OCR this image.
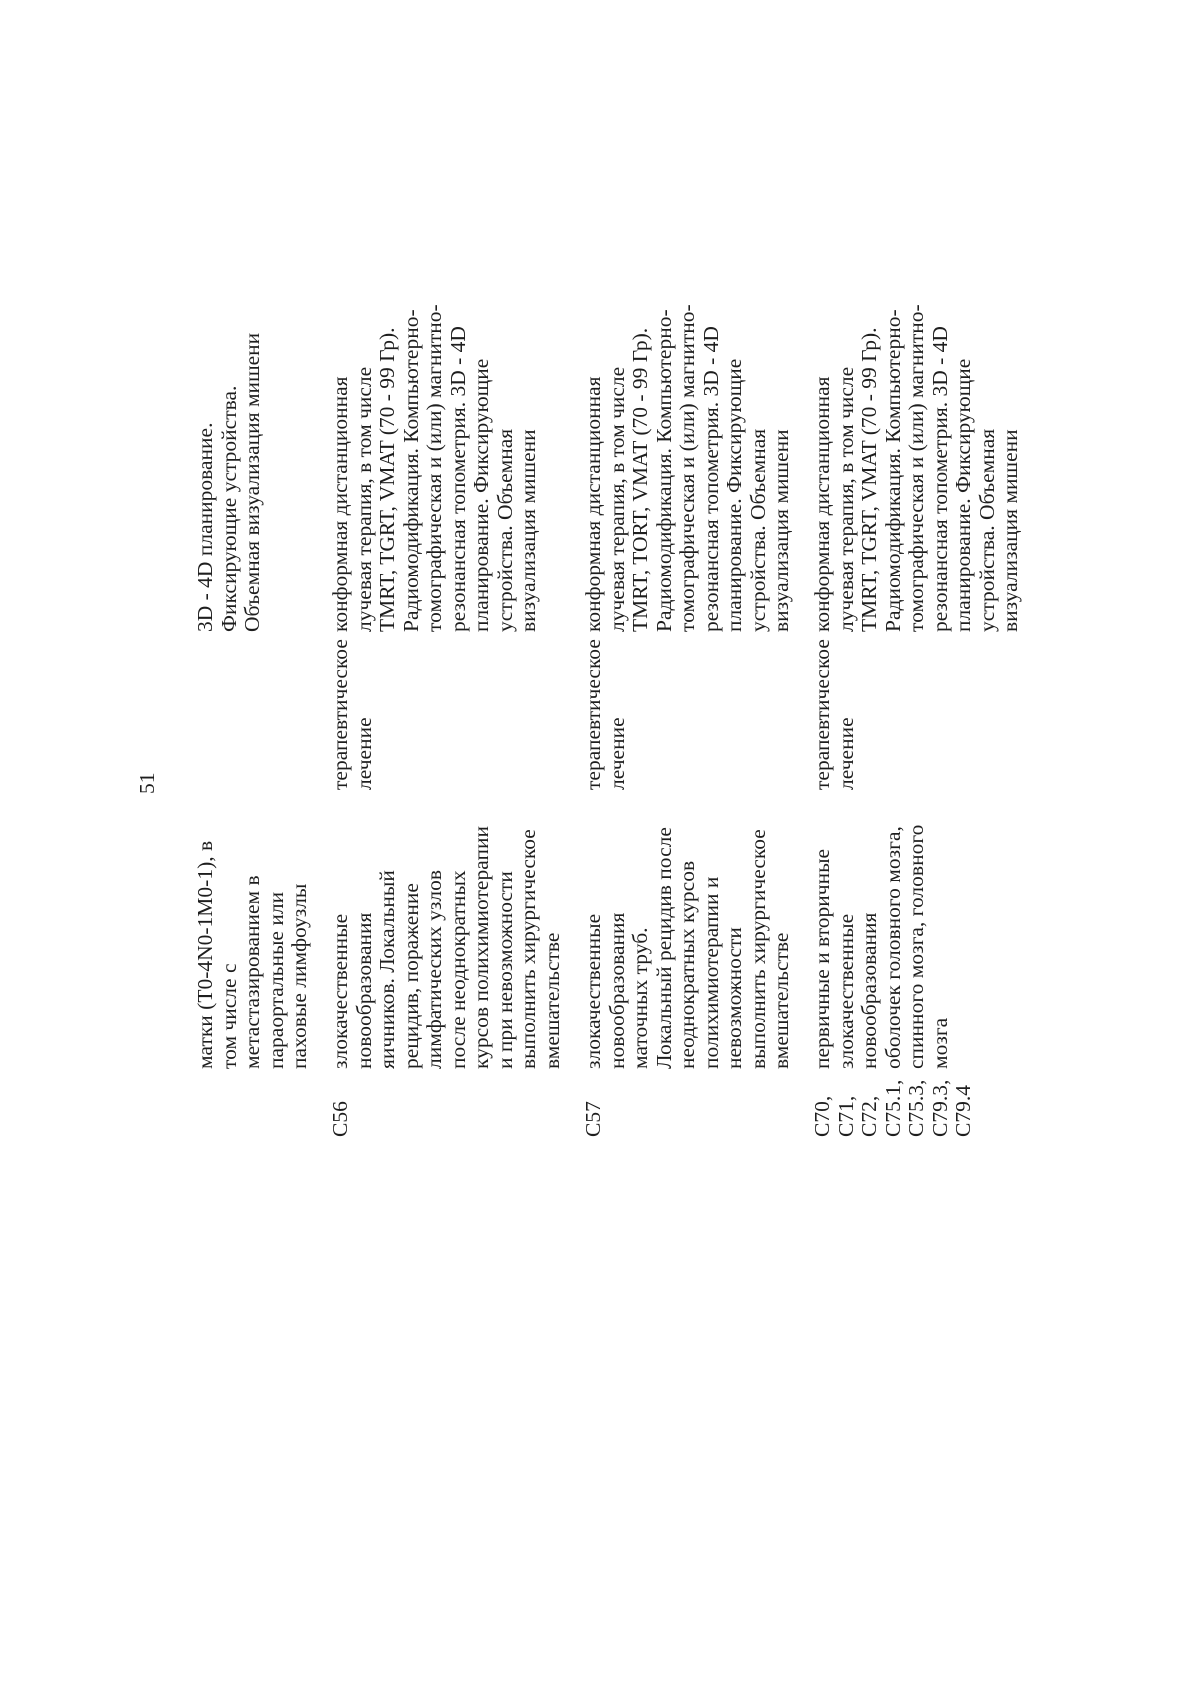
51
матки (T0-4N0-1M0-1), в том числе с метастазированием в параортальные или паховые лимфоузлы
3D - 4D планирование. Фиксирующие устройства. Объемная визуализация мишени
C56
злокачественные новообразования яичников. Локальный рецидив, поражение лимфатических узлов после неоднократных курсов полихимиотерапии и при невозможности выполнить хирургическое вмешательстве
терапевтическое лечение
конформная дистанционная лучевая терапия, в том числе TMRT, TGRT, VMAT (70 - 99 Гр). Радиомодификация. Компьютерно- томографическая и (или) магнитно- резонансная топометрия. 3D - 4D планирование. Фиксирующие устройства. Объемная визуализация мишени
C57
злокачественные новообразования маточных труб. Локальный рецидив после неоднократных курсов полихимиотерапии и невозможности выполнить хирургическое вмешательстве
терапевтическое лечение
конформная дистанционная лучевая терапия, в том числе TMRT, TORT, VMAT (70 - 99 Гр). Радиомодификация. Компьютерно- томографическая и (или) магнитно- резонансная топометрия. 3D - 4D планирование. Фиксирующие устройства. Объемная визуализация мишени
C70, C71, C72, C75.1, C75.3, C79.3, C79.4
первичные и вторичные злокачественные новообразования оболочек головного мозга, спинного мозга, головного мозга
терапевтическое лечение
конформная дистанционная лучевая терапия, в том числе TMRT, TGRT, VMAT (70 - 99 Гр). Радиомодификация. Компьютерно- томографическая и (или) магнитно- резонансная топометрия. 3D - 4D планирование. Фиксирующие устройства. Объемная визуализация мишени
